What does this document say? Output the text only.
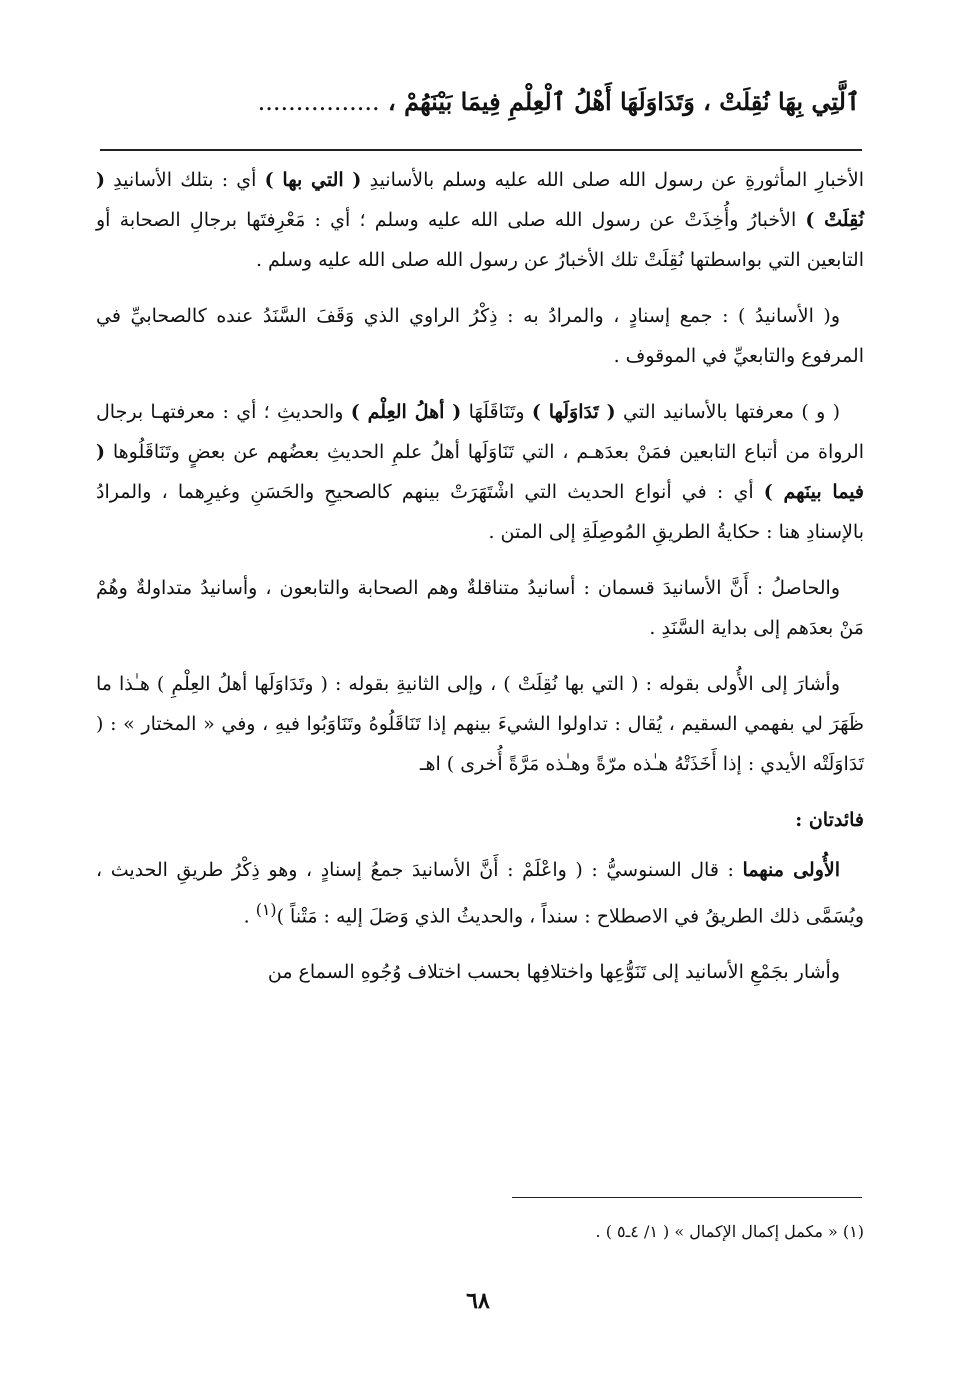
ٱلَّتِي بِهَا نُقِلَتْ ، وَتَدَاوَلَهَا أَهْلُ ٱلْعِلْمِ فِيمَا بَيْنَهُمْ ، ................

الأخبارِ المأثورةِ عن رسول الله صلى الله عليه وسلم بالأسانيدِ ( التي بها ) أي : بتلك الأسانيدِ ( نُقِلَتْ ) الأخبارُ وأُخِذَتْ عن رسول الله صلى الله عليه وسلم ؛ أي : مَعْرِفتَها برجالِ الصحابة أو التابعين التي بواسطتها نُقِلَتْ تلك الأخبارُ عن رسول الله صلى الله عليه وسلم .

و( الأسانيدُ ) : جمع إسنادٍ ، والمرادُ به : ذِكْرُ الراوي الذي وَقَفَ السَّنَدُ عنده كالصحابيِّ في المرفوع والتابعيِّ في الموقوف .

( و ) معرفتها بالأسانيد التي ( تَدَاوَلَها ) وتَنَاقَلَهَا ( أهلُ العِلْم ) والحديثِ ؛ أي : معرفتهـا برجال الرواة من أتباع التابعين فمَنْ بعدَهـم ، التي تَنَاوَلَها أهلُ علمِ الحديثِ بعضُهم عن بعضٍ وتَنَاقَلُوها ( فيما بينَهم ) أي : في أنواع الحديث التي اشْتَهَرَتْ بينهم كالصحيحِ والحَسَنِ وغيرِهما ، والمرادُ بالإسنادِ هنا : حكايةُ الطريقِ المُوصِلَةِ إلى المتن .

والحاصلُ : أَنَّ الأسانيدَ قسمان : أسانيدُ متناقلةٌ وهم الصحابة والتابعون ، وأسانيدُ متداولةٌ وهُمْ مَنْ بعدَهم إلى بداية السَّنَدِ .

وأشارَ إلى الأُولى بقوله : ( التي بها نُقِلَتْ ) ، وإلى الثانيةِ بقوله : ( وتَدَاوَلَها أهلُ العِلْمِ ) هـٰذا ما ظَهَرَ لي بفهمي السقيم ، يُقال : تداولوا الشيءَ بينهم إذا تَنَاقَلُوهُ وتَنَاوَبُوا فيهِ ، وفي « المختار » : ( تَدَاوَلَتْه الأيدي : إذا أَخَذَتْهُ هـٰذه مرّةً وهـٰذه مَرَّةً أُخرى ) اهـ

فائدتان :

الأُولى منهما : قال السنوسيُّ : ( واعْلَمْ : أَنَّ الأسانيدَ جمعُ إسنادٍ ، وهو ذِكْرُ طريقِ الحديث ، ويُسَمَّى ذلك الطريقُ في الاصطلاح : سنداً ، والحديثُ الذي وَصَلَ إليه : مَتْناً )$^{(١)}$ .

وأشار بجَمْعِ الأسانيد إلى تَنَوُّعِها واختلافِها بحسب اختلاف وُجُوهِ السماع من

(١) « مكمل إكمال الإكمال » ( ١/ ٤ـ٥ ) .
٦٨
